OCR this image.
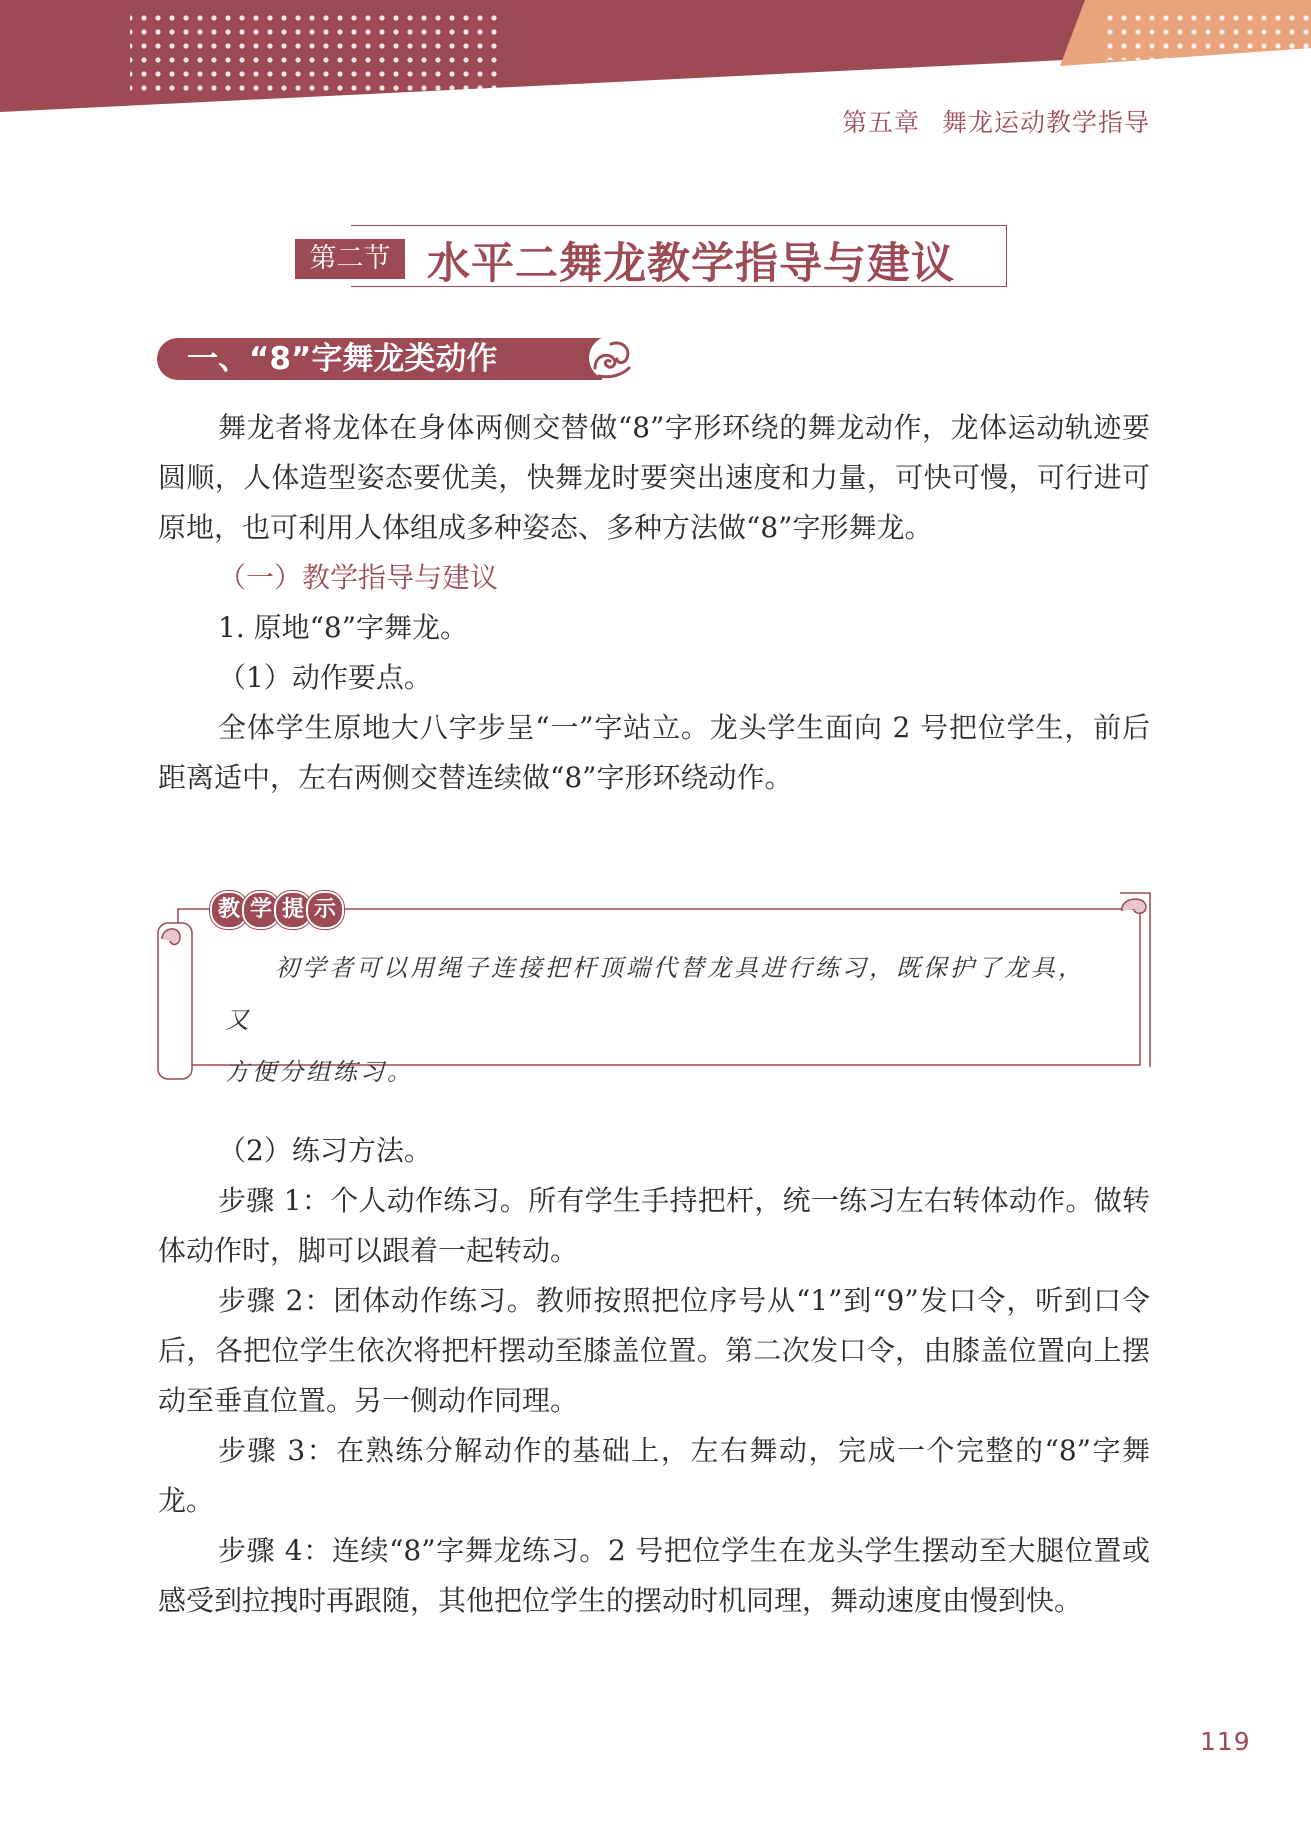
第五章 舞龙运动教学指导
第二节 水平二舞龙教学指导与建议
一、“8”字舞龙类动作

舞龙者将龙体在身体两侧交替做“8”字形环绕的舞龙动作，龙体运动轨迹要圆顺，人体造型姿态要优美，快舞龙时要突出速度和力量，可快可慢，可行进可原地，也可利用人体组成多种姿态、多种方法做“8”字形舞龙。

（一）教学指导与建议

1. 原地“8”字舞龙。

（1）动作要点。

全体学生原地大八字步呈“一”字站立。龙头学生面向 2 号把位学生，前后距离适中，左右两侧交替连续做“8”字形环绕动作。

教 学 提 示

初学者可以用绳子连接把杆顶端代替龙具进行练习，既保护了龙具，又

方便分组练习。

（2）练习方法。

步骤 1：个人动作练习。所有学生手持把杆，统一练习左右转体动作。做转体动作时，脚可以跟着一起转动。

步骤 2：团体动作练习。教师按照把位序号从“1”到“9”发口令，听到口令后，各把位学生依次将把杆摆动至膝盖位置。第二次发口令，由膝盖位置向上摆动至垂直位置。另一侧动作同理。

步骤 3：在熟练分解动作的基础上，左右舞动，完成一个完整的“8”字舞龙。

步骤 4：连续“8”字舞龙练习。2 号把位学生在龙头学生摆动至大腿位置或感受到拉拽时再跟随，其他把位学生的摆动时机同理，舞动速度由慢到快。

119
